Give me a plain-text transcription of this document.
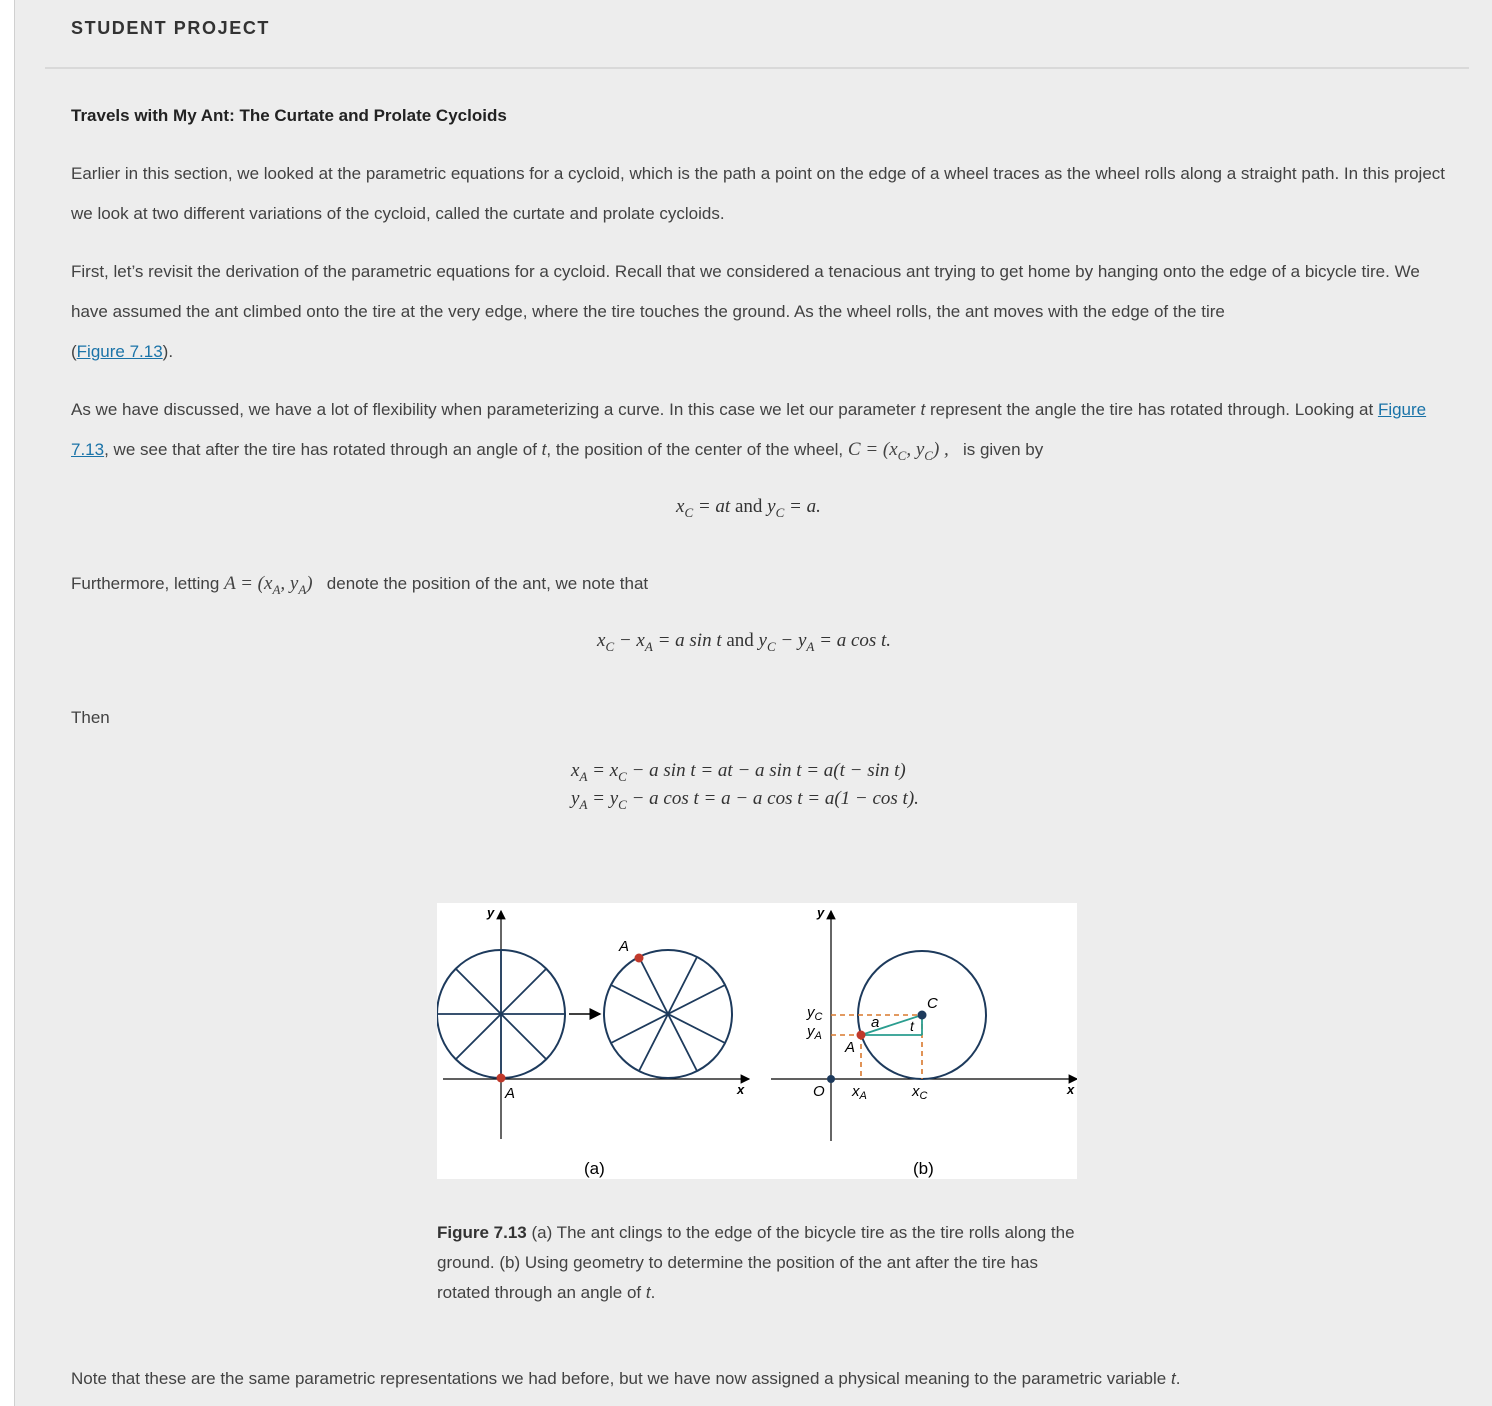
STUDENT PROJECT
Travels with My Ant: The Curtate and Prolate Cycloids
Earlier in this section, we looked at the parametric equations for a cycloid, which is the path a point on the edge of a wheel traces as the wheel rolls along a straight path. In this project we look at two different variations of the cycloid, called the curtate and prolate cycloids.
First, let’s revisit the derivation of the parametric equations for a cycloid. Recall that we considered a tenacious ant trying to get home by hanging onto the edge of a bicycle tire. We have assumed the ant climbed onto the tire at the very edge, where the tire touches the ground. As the wheel rolls, the ant moves with the edge of the tire
(Figure 7.13).
As we have discussed, we have a lot of flexibility when parameterizing a curve. In this case we let our parameter t represent the angle the tire has rotated through. Looking at Figure 7.13, we see that after the tire has rotated through an angle of t, the position of the center of the wheel, $C = (x_C$, $y_C$) , is given by
$x_C$ = at and $y_C = a$.
Furthermore, letting $A = (x_A$, $y_A$) denote the position of the ant, we note that
$x_C - x_A = a$ sin t and $y_C - y_A = a$ cos t.
Then
$x_A = x_C - a$ sin t = at − a sin t = a(t − sin t)
$y_A = y_C - a$ cos t = a − a cos t = a(1 − cos t).
y
x
A
A
(a)
y
x
C
A
a t
O $x_A$	$x_C$
$y_C$
$y_A$
(b)
Figure 7.13 (a) The ant clings to the edge of the bicycle tire as the tire rolls along the ground. (b) Using geometry to determine the position of the ant after the tire has rotated through an angle of t.
Note that these are the same parametric representations we had before, but we have now assigned a physical meaning to the parametric variable t.
